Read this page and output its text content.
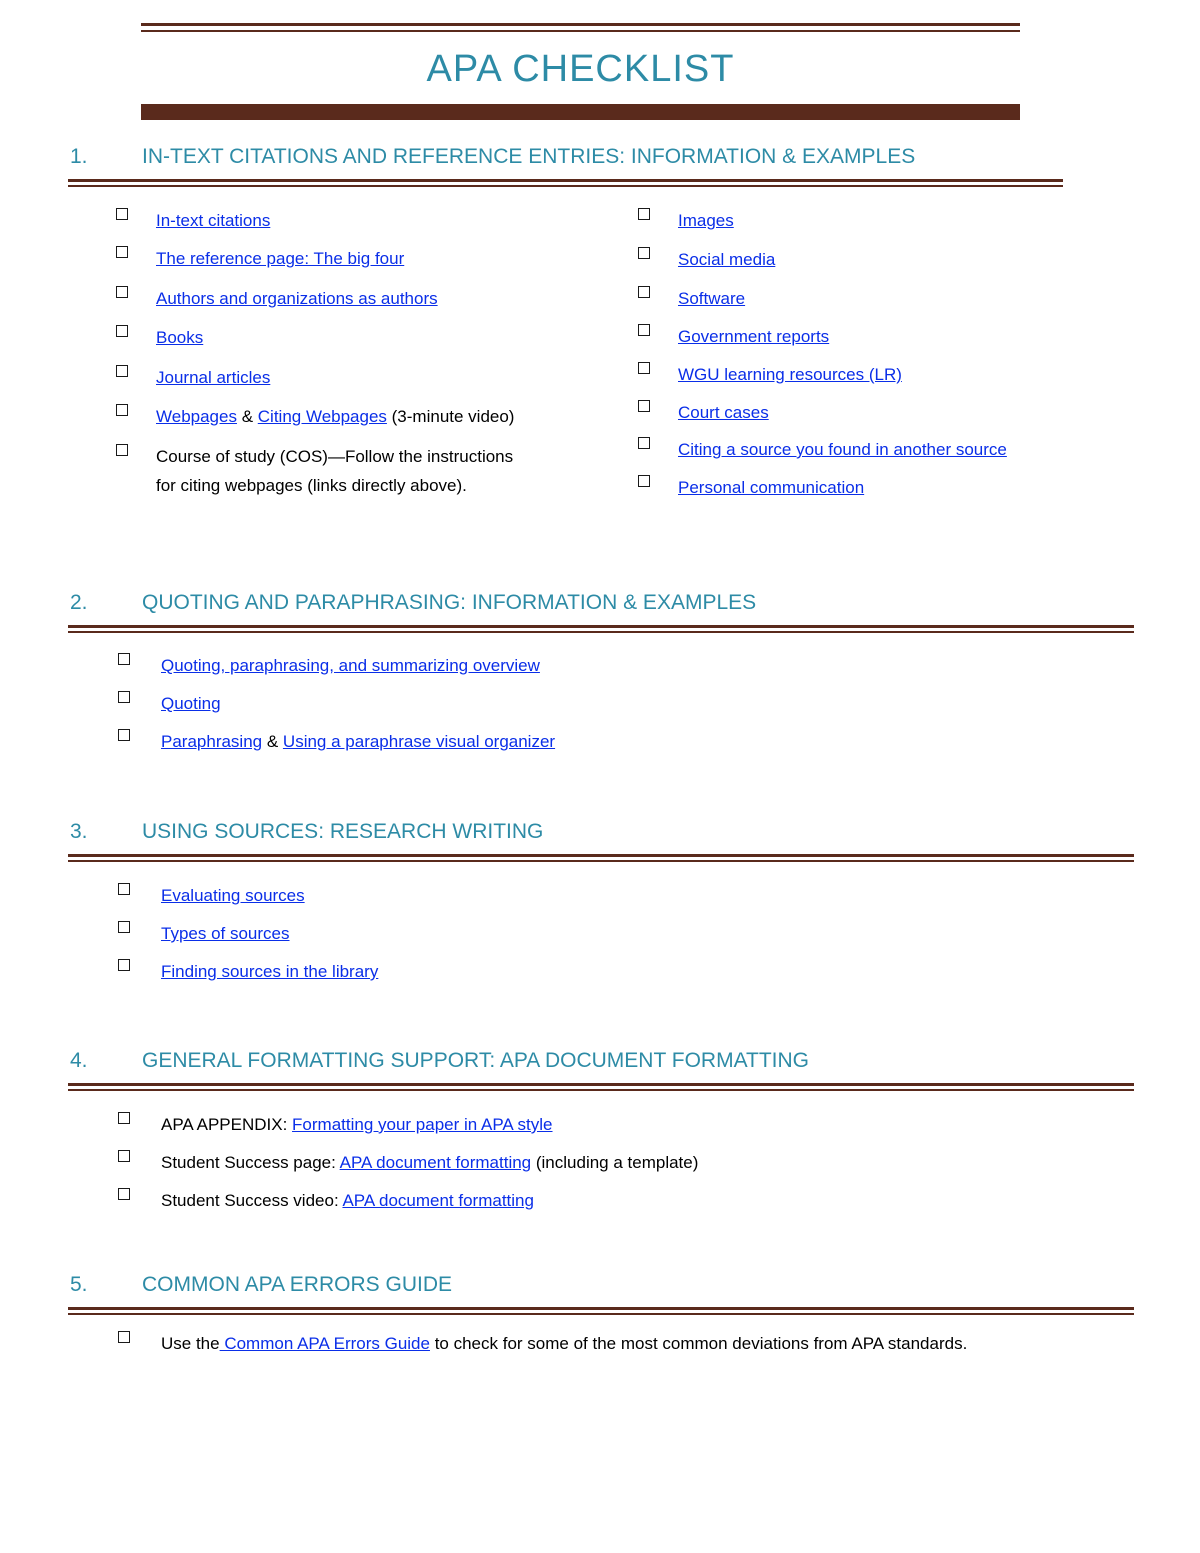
APA CHECKLIST
1.	IN-TEXT CITATIONS AND REFERENCE ENTRIES: INFORMATION & EXAMPLES
In-text citations
The reference page: The big four
Authors and organizations as authors
Books
Journal articles
Webpages & Citing Webpages (3-minute video)
Course of study (COS)—Follow the instructions
for citing webpages (links directly above).
Images
Social media
Software
Government reports
WGU learning resources (LR)
Court cases
Citing a source you found in another source
Personal communication
2.	QUOTING AND PARAPHRASING: INFORMATION & EXAMPLES
Quoting, paraphrasing, and summarizing overview
Quoting
Paraphrasing & Using a paraphrase visual organizer
3.	USING SOURCES: RESEARCH WRITING
Evaluating sources
Types of sources
Finding sources in the library
4.	GENERAL FORMATTING SUPPORT: APA DOCUMENT FORMATTING
APA APPENDIX: Formatting your paper in APA style
Student Success page: APA document formatting (including a template)
Student Success video: APA document formatting
5.	COMMON APA ERRORS GUIDE
Use the Common APA Errors Guide to check for some of the most common deviations from APA standards.
